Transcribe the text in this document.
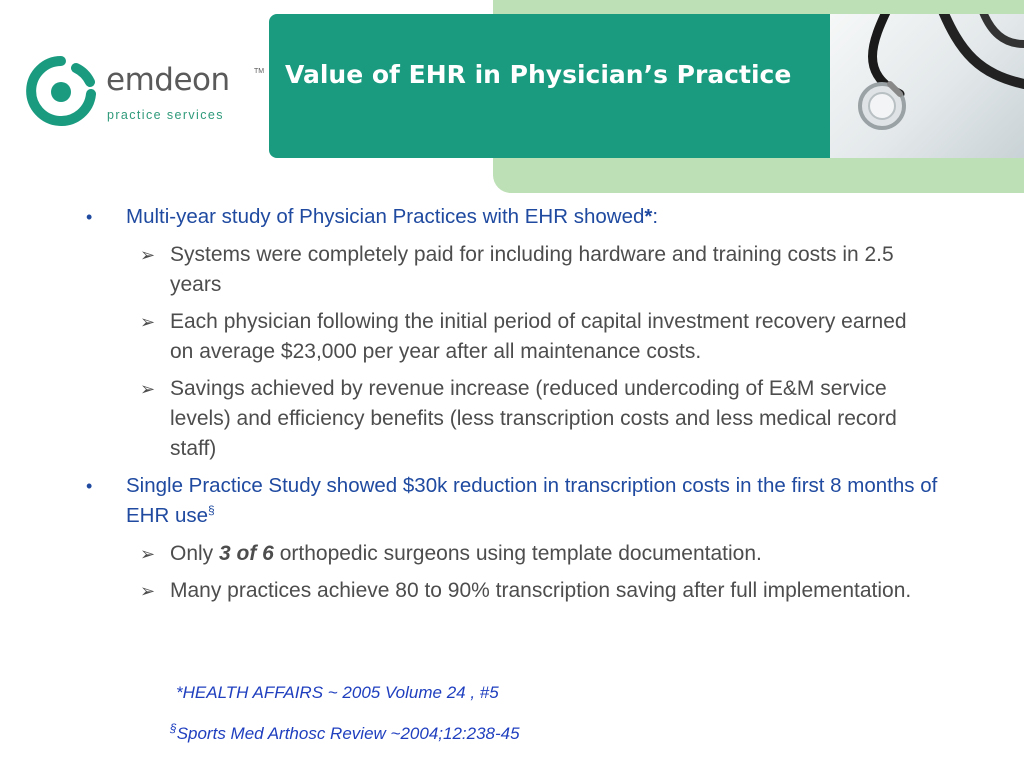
Value of EHR in Physician’s Practice
emdeon	TM
practice services
• Multi-year study of Physician Practices with EHR showed*:
➢ Systems were completely paid for including hardware and training costs in 2.5 years
➢ Each physician following the initial period of capital investment recovery earned on average $23,000 per year after all maintenance costs.
➢ Savings achieved by revenue increase (reduced undercoding of E&M service levels) and efficiency benefits (less transcription costs and less medical record staff)
• Single Practice Study showed $30k reduction in transcription costs in the first 8 months of EHR use§
➢ Only 3 of 6 orthopedic surgeons using template documentation.
➢ Many practices achieve 80 to 90% transcription saving after full implementation.
*HEALTH AFFAIRS ~ 2005 Volume 24 , #5
§Sports Med Arthosc Review ~2004;12:238-45
